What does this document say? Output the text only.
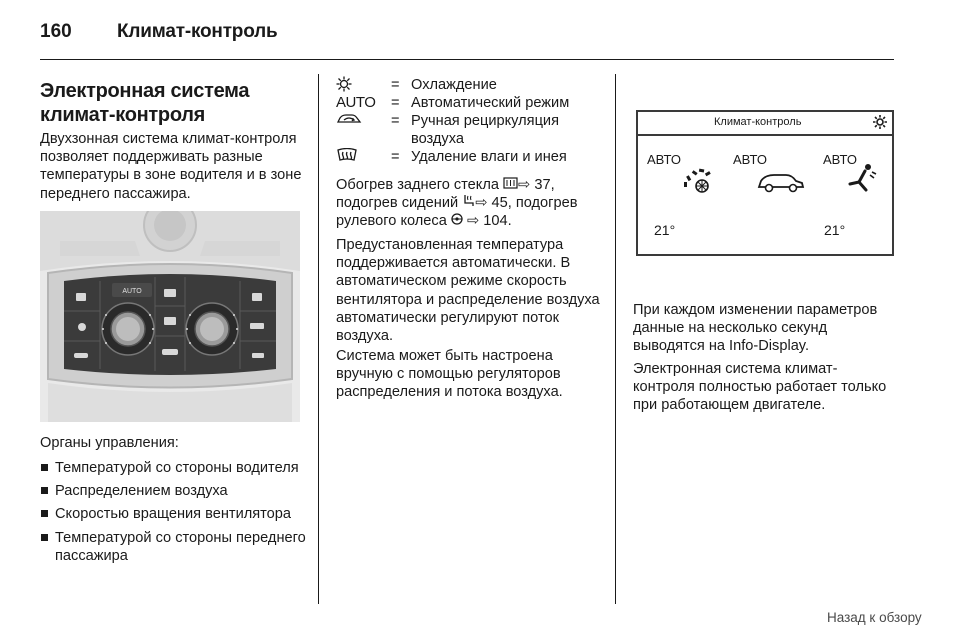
160 Климат-контроль
Электронная система
климат-контроля
Двухзонная система климат-контроля позволяет поддерживать разные температуры в зоне водителя и в зоне переднего пассажира.
AUTO
Органы управления:
Температурой со стороны водителя
Распределением воздуха
Скоростью вращения вентилятора
Температурой со стороны переднего пассажира
= Охлаждение
AUTO	= Автоматический режим
= Ручная рециркуляция воздуха
= Удаление влаги и инея
Обогрев заднего стекла ⇨ 37, подогрев сидений ⇨ 45, подогрев рулевого колеса ⇨ 104.
Предустановленная температура поддерживается автоматически. В автоматическом режиме скорость вентилятора и распределение воздуха автоматически регулируют поток воздуха.
Система может быть настроена вручную с помощью регуляторов распределения и потока воздуха.
Климат-контроль
АВТО	АВТО	АВТО
21°	21°
При каждом изменении параметров данные на несколько секунд выводятся на Info-Display.
Электронная система климат-контроля полностью работает только при работающем двигателе.
Назад к обзору
